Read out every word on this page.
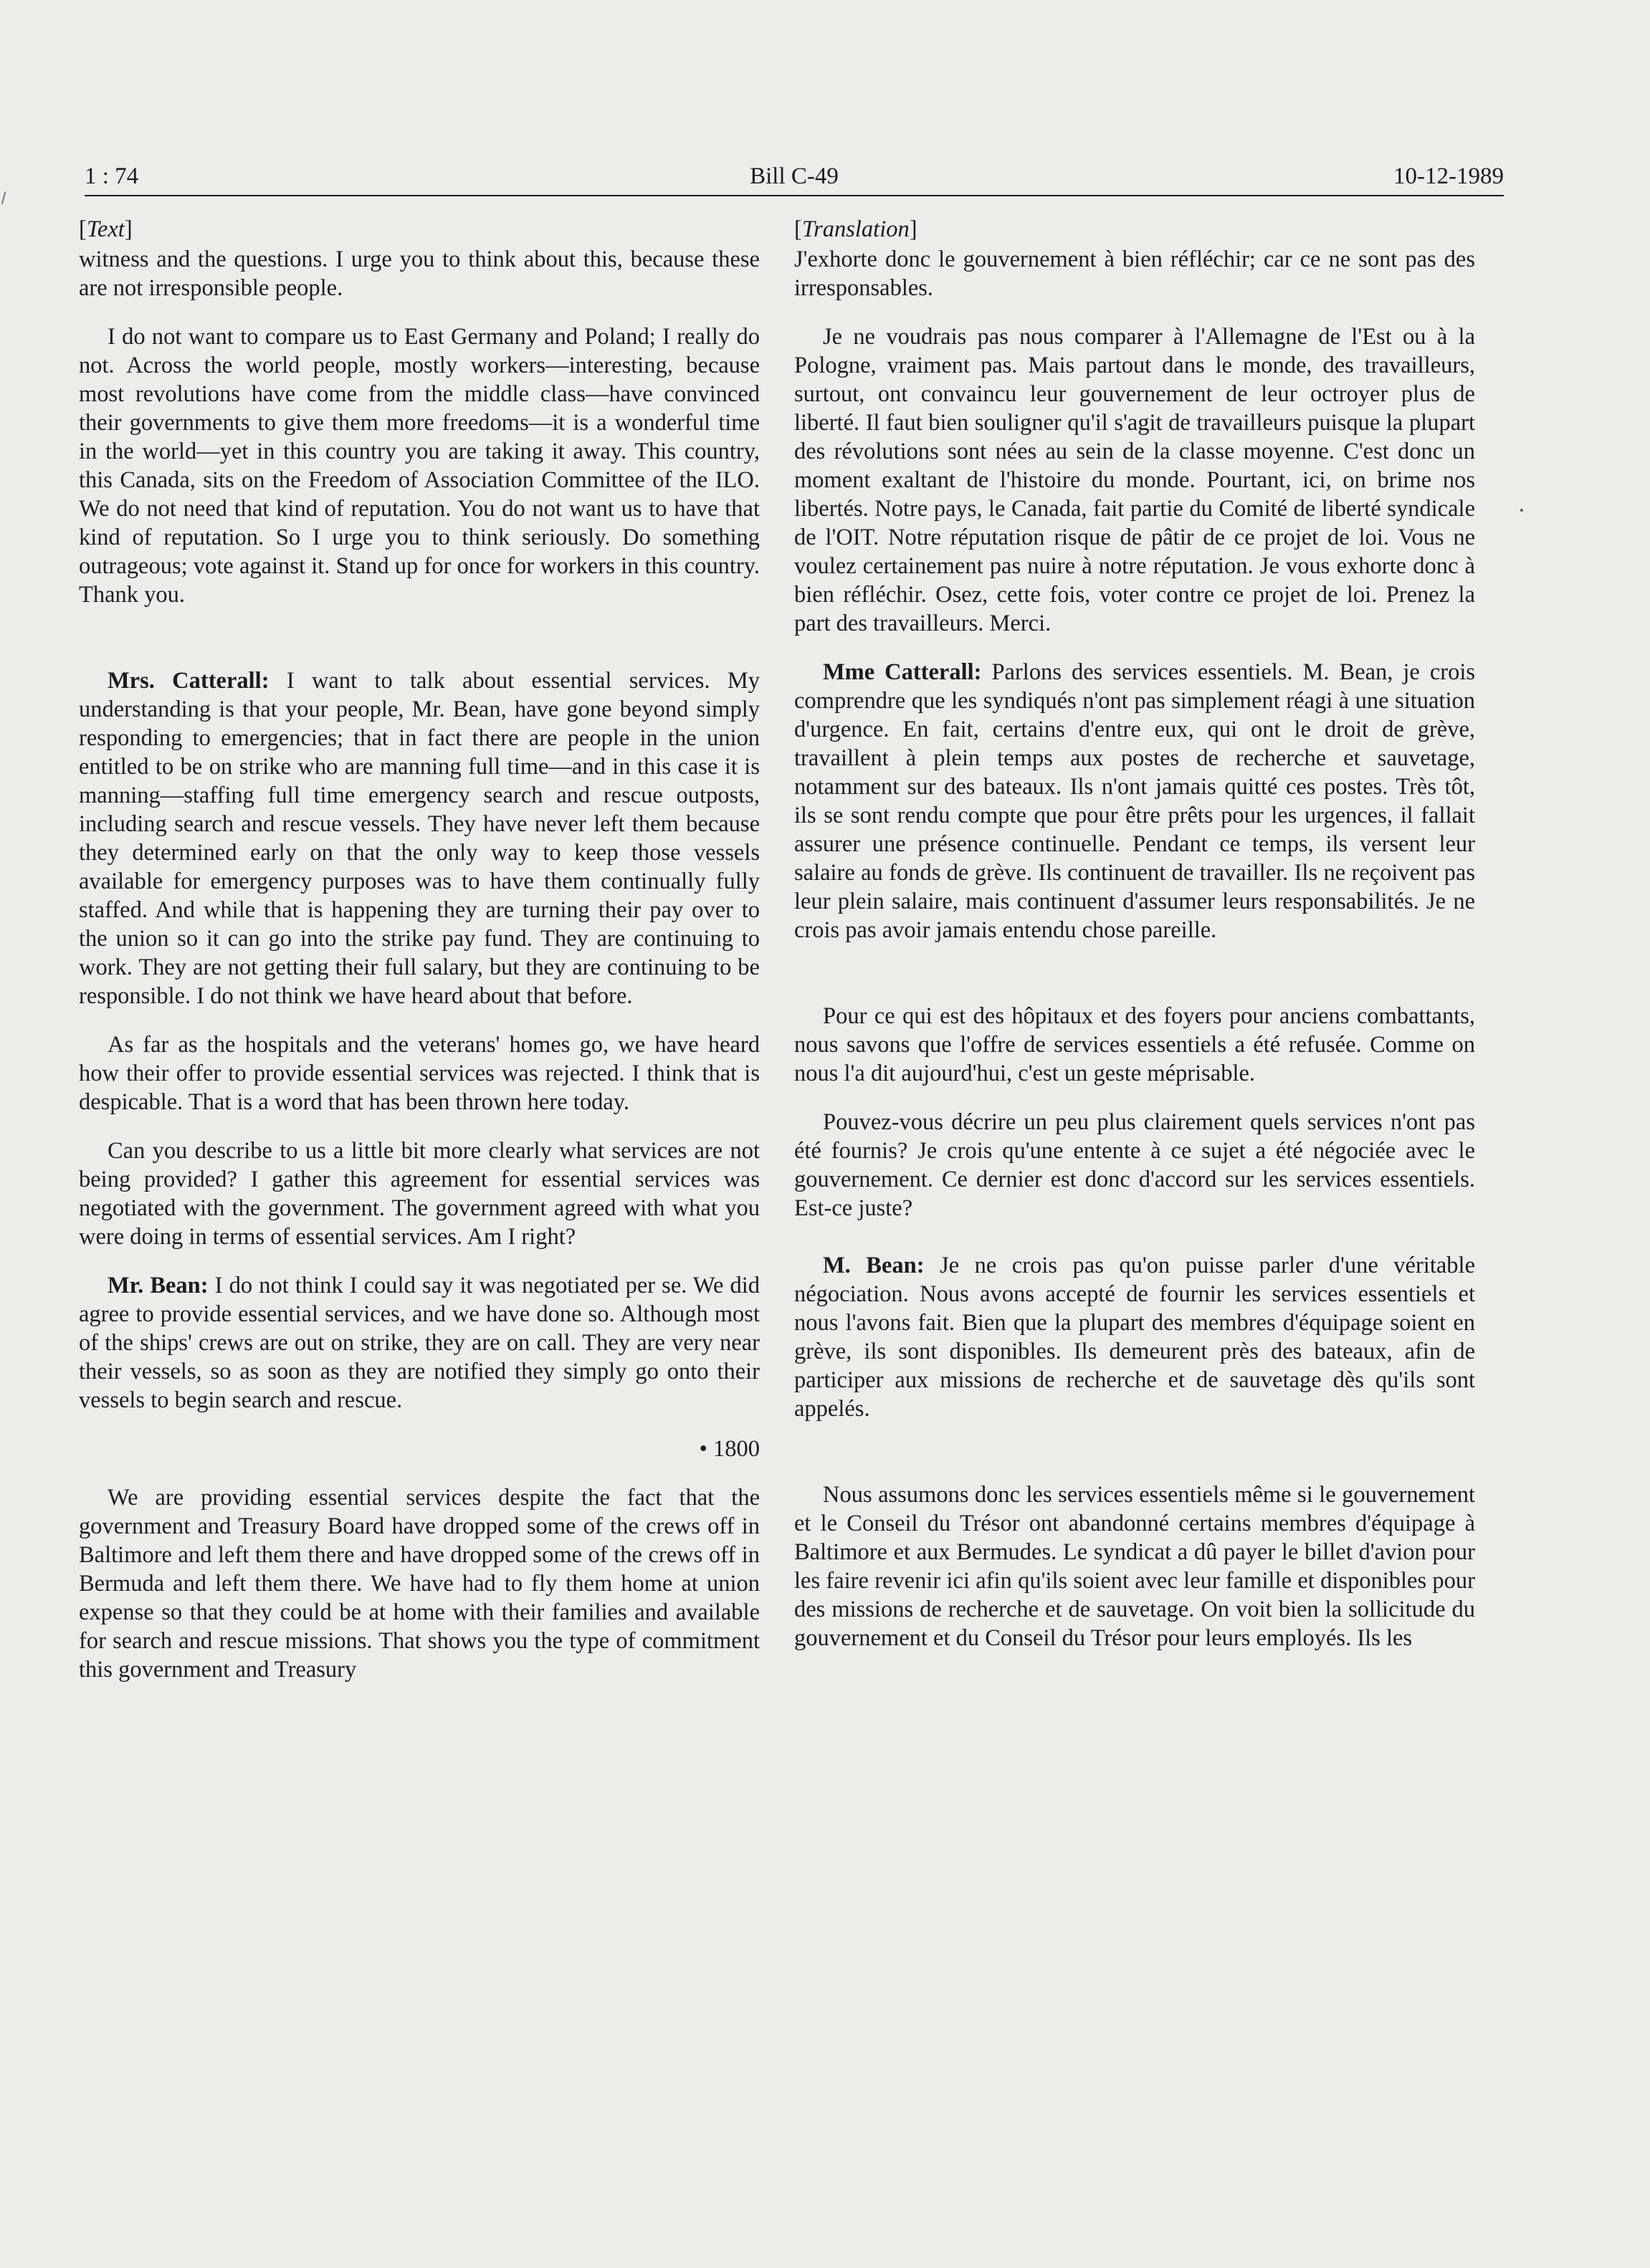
1 : 74	Bill C-49	10-12-1989
[Text]

witness and the questions. I urge you to think about this, because these are not irresponsible people.

I do not want to compare us to East Germany and Poland; I really do not. Across the world people, mostly workers—interesting, because most revolutions have come from the middle class—have convinced their governments to give them more freedoms—it is a wonderful time in the world—yet in this country you are taking it away. This country, this Canada, sits on the Freedom of Association Committee of the ILO. We do not need that kind of reputation. You do not want us to have that kind of reputation. So I urge you to think seriously. Do something outrageous; vote against it. Stand up for once for workers in this country. Thank you.

Mrs. Catterall: I want to talk about essential services. My understanding is that your people, Mr. Bean, have gone beyond simply responding to emergencies; that in fact there are people in the union entitled to be on strike who are manning full time—and in this case it is manning—staffing full time emergency search and rescue outposts, including search and rescue vessels. They have never left them because they determined early on that the only way to keep those vessels available for emergency purposes was to have them continually fully staffed. And while that is happening they are turning their pay over to the union so it can go into the strike pay fund. They are continuing to work. They are not getting their full salary, but they are continuing to be responsible. I do not think we have heard about that before.

As far as the hospitals and the veterans' homes go, we have heard how their offer to provide essential services was rejected. I think that is despicable. That is a word that has been thrown here today.

Can you describe to us a little bit more clearly what services are not being provided? I gather this agreement for essential services was negotiated with the government. The government agreed with what you were doing in terms of essential services. Am I right?

Mr. Bean: I do not think I could say it was negotiated per se. We did agree to provide essential services, and we have done so. Although most of the ships' crews are out on strike, they are on call. They are very near their vessels, so as soon as they are notified they simply go onto their vessels to begin search and rescue.

• 1800

We are providing essential services despite the fact that the government and Treasury Board have dropped some of the crews off in Baltimore and left them there and have dropped some of the crews off in Bermuda and left them there. We have had to fly them home at union expense so that they could be at home with their families and available for search and rescue missions. That shows you the type of commitment this government and Treasury

[Translation]

J'exhorte donc le gouvernement à bien réfléchir; car ce ne sont pas des irresponsables.

Je ne voudrais pas nous comparer à l'Allemagne de l'Est ou à la Pologne, vraiment pas. Mais partout dans le monde, des travailleurs, surtout, ont convaincu leur gouvernement de leur octroyer plus de liberté. Il faut bien souligner qu'il s'agit de travailleurs puisque la plupart des révolutions sont nées au sein de la classe moyenne. C'est donc un moment exaltant de l'histoire du monde. Pourtant, ici, on brime nos libertés. Notre pays, le Canada, fait partie du Comité de liberté syndicale de l'OIT. Notre réputation risque de pâtir de ce projet de loi. Vous ne voulez certainement pas nuire à notre réputation. Je vous exhorte donc à bien réfléchir. Osez, cette fois, voter contre ce projet de loi. Prenez la part des travailleurs. Merci.

Mme Catterall: Parlons des services essentiels. M. Bean, je crois comprendre que les syndiqués n'ont pas simplement réagi à une situation d'urgence. En fait, certains d'entre eux, qui ont le droit de grève, travaillent à plein temps aux postes de recherche et sauvetage, notamment sur des bateaux. Ils n'ont jamais quitté ces postes. Très tôt, ils se sont rendu compte que pour être prêts pour les urgences, il fallait assurer une présence continuelle. Pendant ce temps, ils versent leur salaire au fonds de grève. Ils continuent de travailler. Ils ne reçoivent pas leur plein salaire, mais continuent d'assumer leurs responsabilités. Je ne crois pas avoir jamais entendu chose pareille.

Pour ce qui est des hôpitaux et des foyers pour anciens combattants, nous savons que l'offre de services essentiels a été refusée. Comme on nous l'a dit aujourd'hui, c'est un geste méprisable.

Pouvez-vous décrire un peu plus clairement quels services n'ont pas été fournis? Je crois qu'une entente à ce sujet a été négociée avec le gouvernement. Ce dernier est donc d'accord sur les services essentiels. Est-ce juste?

M. Bean: Je ne crois pas qu'on puisse parler d'une véritable négociation. Nous avons accepté de fournir les services essentiels et nous l'avons fait. Bien que la plupart des membres d'équipage soient en grève, ils sont disponibles. Ils demeurent près des bateaux, afin de participer aux missions de recherche et de sauvetage dès qu'ils sont appelés.

Nous assumons donc les services essentiels même si le gouvernement et le Conseil du Trésor ont abandonné certains membres d'équipage à Baltimore et aux Bermudes. Le syndicat a dû payer le billet d'avion pour les faire revenir ici afin qu'ils soient avec leur famille et disponibles pour des missions de recherche et de sauvetage. On voit bien la sollicitude du gouvernement et du Conseil du Trésor pour leurs employés. Ils les
